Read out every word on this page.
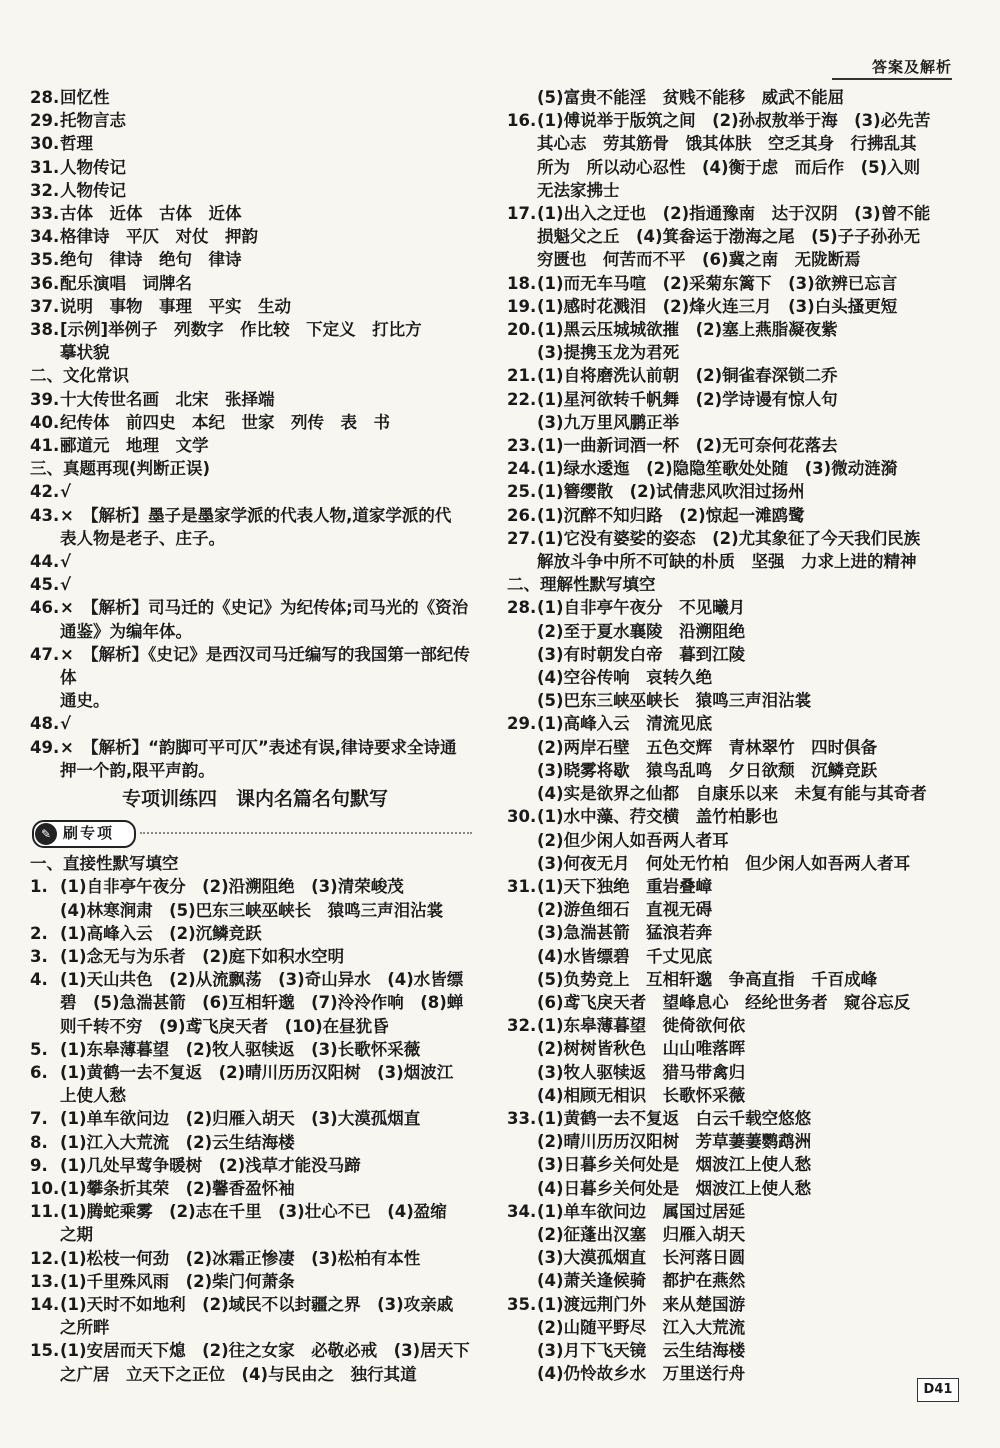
答案及解析
28. 回忆性
29. 托物言志
30. 哲理
31. 人物传记
32. 人物传记
33. 古体　近体　古体　近体
34. 格律诗　平仄　对仗　押韵
35. 绝句　律诗　绝句　律诗
36. 配乐演唱　词牌名
37. 说明　事物　事理　平实　生动
38. [示例]举例子　列数字　作比较　下定义　打比方
摹状貌
二、文化常识
39. 十大传世名画　北宋　张择端
40. 纪传体　前四史　本纪　世家　列传　表　书
41. 郦道元　地理　文学
三、真题再现(判断正误)
42. √
43. ×　【解析】墨子是墨家学派的代表人物,道家学派的代
表人物是老子、庄子。
44. √
45. √
46. ×　【解析】司马迁的《史记》为纪传体;司马光的《资治
通鉴》为编年体。
47. ×　【解析】《史记》是西汉司马迁编写的我国第一部纪传体
通史。
48. √
49. ×　【解析】“韵脚可平可仄”表述有误,律诗要求全诗通
押一个韵,限平声韵。
专项训练四　课内名篇名句默写
✎ 刷专项
一、直接性默写填空
1. (1)自非亭午夜分　(2)沿溯阻绝　(3)清荣峻茂
(4)林寒涧肃　(5)巴东三峡巫峡长　猿鸣三声泪沾裳
2. (1)高峰入云　(2)沉鳞竞跃
3. (1)念无与为乐者　(2)庭下如积水空明
4. (1)天山共色　(2)从流飘荡　(3)奇山异水　(4)水皆缥
碧　(5)急湍甚箭　(6)互相轩邈　(7)泠泠作响　(8)蝉
则千转不穷　(9)鸢飞戾天者　(10)在昼犹昏
5. (1)东皋薄暮望　(2)牧人驱犊返　(3)长歌怀采薇
6. (1)黄鹤一去不复返　(2)晴川历历汉阳树　(3)烟波江
上使人愁
7. (1)单车欲问边　(2)归雁入胡天　(3)大漠孤烟直
8. (1)江入大荒流　(2)云生结海楼
9. (1)几处早莺争暖树　(2)浅草才能没马蹄
10. (1)攀条折其荣　(2)馨香盈怀袖
11. (1)腾蛇乘雾　(2)志在千里　(3)壮心不已　(4)盈缩
之期
12. (1)松枝一何劲　(2)冰霜正惨凄　(3)松柏有本性
13. (1)千里殊风雨　(2)柴门何萧条
14. (1)天时不如地利　(2)域民不以封疆之界　(3)攻亲戚
之所畔
15. (1)安居而天下熄　(2)往之女家　必敬必戒　(3)居天下
之广居　立天下之正位　(4)与民由之　独行其道
(5)富贵不能淫　贫贱不能移　威武不能屈
16. (1)傅说举于版筑之间　(2)孙叔敖举于海　(3)必先苦
其心志　劳其筋骨　饿其体肤　空乏其身　行拂乱其
所为　所以动心忍性　(4)衡于虑　而后作　(5)入则
无法家拂士
17. (1)出入之迂也　(2)指通豫南　达于汉阴　(3)曾不能
损魁父之丘　(4)箕畚运于渤海之尾　(5)子子孙孙无
穷匮也　何苦而不平　(6)冀之南　无陇断焉
18. (1)而无车马喧　(2)采菊东篱下　(3)欲辨已忘言
19. (1)感时花溅泪　(2)烽火连三月　(3)白头搔更短
20. (1)黑云压城城欲摧　(2)塞上燕脂凝夜紫
(3)提携玉龙为君死
21. (1)自将磨洗认前朝　(2)铜雀春深锁二乔
22. (1)星河欲转千帆舞　(2)学诗谩有惊人句
(3)九万里风鹏正举
23. (1)一曲新词酒一杯　(2)无可奈何花落去
24. (1)绿水逶迤　(2)隐隐笙歌处处随　(3)微动涟漪
25. (1)簪缨散　(2)试倩悲风吹泪过扬州
26. (1)沉醉不知归路　(2)惊起一滩鸥鹭
27. (1)它没有婆娑的姿态　(2)尤其象征了今天我们民族
解放斗争中所不可缺的朴质　坚强　力求上进的精神
二、理解性默写填空
28. (1)自非亭午夜分　不见曦月
(2)至于夏水襄陵　沿溯阻绝
(3)有时朝发白帝　暮到江陵
(4)空谷传响　哀转久绝
(5)巴东三峡巫峡长　猿鸣三声泪沾裳
29. (1)高峰入云　清流见底
(2)两岸石壁　五色交辉　青林翠竹　四时俱备
(3)晓雾将歇　猿鸟乱鸣　夕日欲颓　沉鳞竞跃
(4)实是欲界之仙都　自康乐以来　未复有能与其奇者
30. (1)水中藻、荇交横　盖竹柏影也
(2)但少闲人如吾两人者耳
(3)何夜无月　何处无竹柏　但少闲人如吾两人者耳
31. (1)天下独绝　重岩叠嶂
(2)游鱼细石　直视无碍
(3)急湍甚箭　猛浪若奔
(4)水皆缥碧　千丈见底
(5)负势竞上　互相轩邈　争高直指　千百成峰
(6)鸢飞戾天者　望峰息心　经纶世务者　窥谷忘反
32. (1)东皋薄暮望　徙倚欲何依
(2)树树皆秋色　山山唯落晖
(3)牧人驱犊返　猎马带禽归
(4)相顾无相识　长歌怀采薇
33. (1)黄鹤一去不复返　白云千载空悠悠
(2)晴川历历汉阳树　芳草萋萋鹦鹉洲
(3)日暮乡关何处是　烟波江上使人愁
(4)日暮乡关何处是　烟波江上使人愁
34. (1)单车欲问边　属国过居延
(2)征蓬出汉塞　归雁入胡天
(3)大漠孤烟直　长河落日圆
(4)萧关逢候骑　都护在燕然
35. (1)渡远荆门外　来从楚国游
(2)山随平野尽　江入大荒流
(3)月下飞天镜　云生结海楼
(4)仍怜故乡水　万里送行舟
D41
